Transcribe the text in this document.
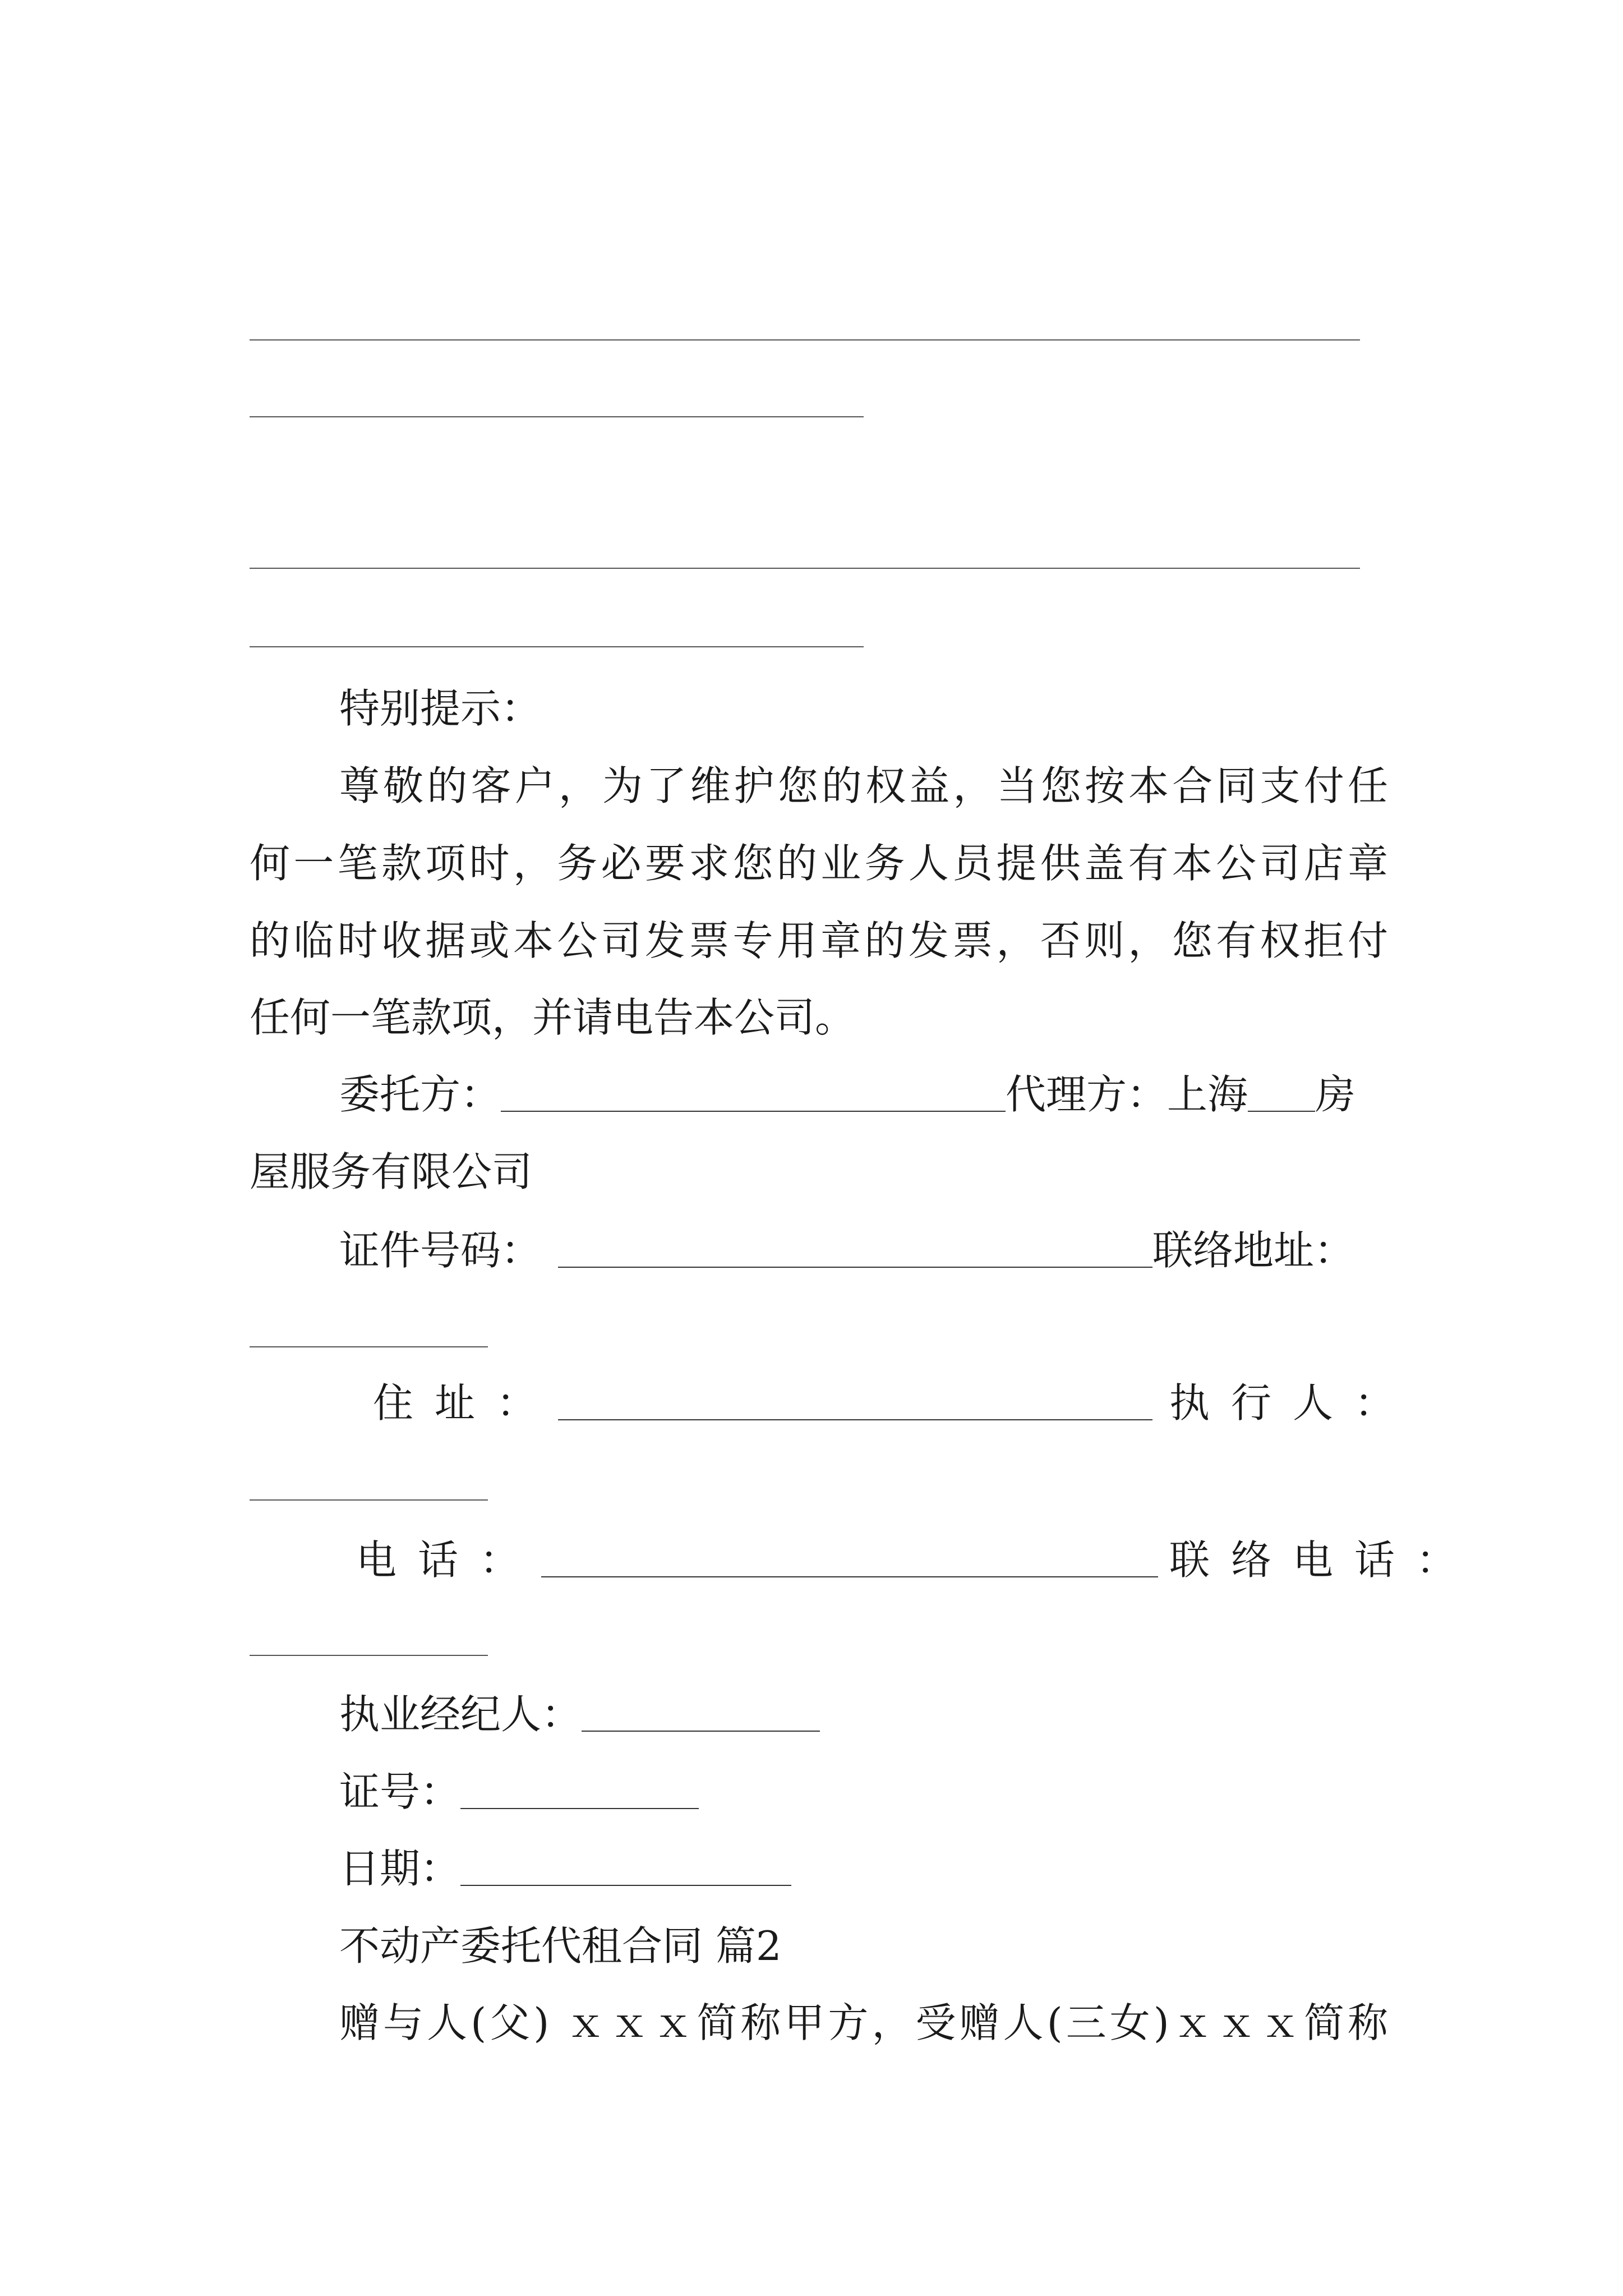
特别提示：
尊敬的客户，为了维护您的权益，当您按本合同支付任
何一笔款项时，务必要求您的业务人员提供盖有本公司店章
的临时收据或本公司发票专用章的发票，否则，您有权拒付
任何一笔款项，并请电告本公司。
委托方：	代理方：上海 房
屋服务有限公司
证件号码：	联络地址：
住址：	执行人：
电话：	联络电话：
执业经纪人：
证号：
日期：
不动产委托代租合同 篇2
赠与人(父) ｘｘｘ简称甲方，受赠人(三女)ｘｘｘ简称
